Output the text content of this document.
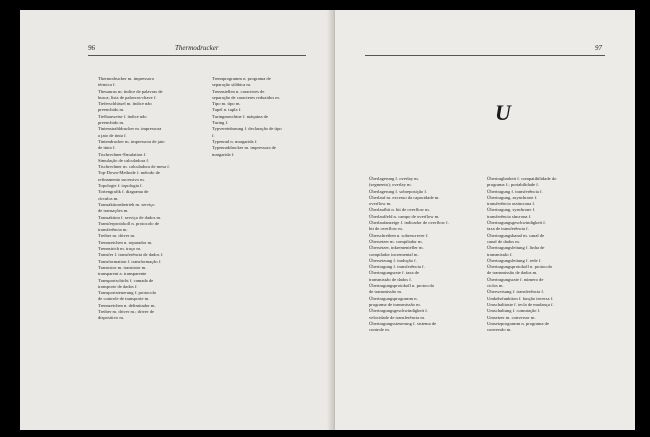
96	Thermodrucker
Thermodrucker m. impressora
térmica f.
Thesaurus m. índice de palavras de
busca; lista de palavras-chave f.
Tieferschlüssel m. índice não
preenchido m.
Tiefbauweise f. índice não
preenchido m.
Tintenstrahldrucker m. impressora
a jato de tinta f.
Tintendrucker m. impressora de jato
de tinta f.
Tischrechner-Emulation f.
Simulação de calculadora f.
Tischrechner m. calculadora de mesa f.
Top-Down-Methode f. método de
refinamento sucessivo m.
Topologie f. topologia f.
Tortengrafik f. diagrama de
círculos m.
Transaktionsbetrieb m. serviço
de transações m.
Transaktion f. serviço de dados m.
Transferprotokoll n. protocolo de
transferência m.
Treiber m. driver m.
Trennzeichen n. separador m.
Trennstrich m. traço m.
Transfer f. transferência de dados f.
Transformation f. transformação f.
Transistor m. transistor m.
transparent a. transparente
Transportschicht f. camada de
transporte de dados f.
Transportsteuerung f. protocolo
de controle de transporte m.
Trennzeichen n. delimitador m.
Treiber m. driver m.; driver de
dispositivo m.
Trennprogramm n. programa de
separação silábica m.
Trennstellen n. caracteres de
separação de caracteres reduzidos m.
Tipo m. tipo m.
Tupel n. tupla f.
Turingmaschine f. máquina de
Turing f.
Typvereinbarung f. declaração de tipo
f.
Typenrad n. margarida f.
Typenraddrucker m. impressora de
margarida f.
97
U
Überlagerung f. overlay m.
(segmento); overlay m.
Überlagerung f. sobreposição f.
Überlauf m. excesso da capacidade m.
overflow m.
Überlaufbit n. bit de overflow m.
Überlauffeld n. campo de overflow m.
Überlaufanzeige f. indicador de overflow f.
bit de overflow m.
Überschreiben n. sobrescrever f.
Übersetzer m. compilador m.
Übersetzer, inkrementeller m.
compilador incremental m.
Übersetzung f. tradução f.
Übertragung f. transferência f.
Übertragungsrate f. taxa de
transmissão de dados f.
Übertragungsprotokoll n. protocolo
de transmissão m.
Übertragungsprogramm n.
programa de transmissão m.
Übertragungsgeschwindigkeit f.
velocidade de transferência m.
Übertragungssteuerung f. sistema de
controle m.
Übertragbarkeit f. compatibilidade do
programa f.; portabilidade f.
Übertragung f. transferência f.
Übertragung, asynchrone f.
transferência assíncrona f.
Übertragung, synchrone f.
transferência síncrona f.
Übertragungsgeschwindigkeit f.
taxa de transferência f.
Übertragungskanal m. canal de
canal de dados m.
Übertragungsleitung f. linha de
transmissão f.
Übertragungsleitung f. rede f.
Übertragungsprotokoll n. protocolo
de transmissão de dados m.
Übertragungsrate f. número de
ciclos m.
Überweisung f. transferência f.
Umkehrfunktion f. função inversa f.
Umschalttaste f. tecla de mudança f.
Umschaltung f. comutação f.
Umsetzer m. conversor m.
Umsetzprogramm n. programa de
conversão m.
